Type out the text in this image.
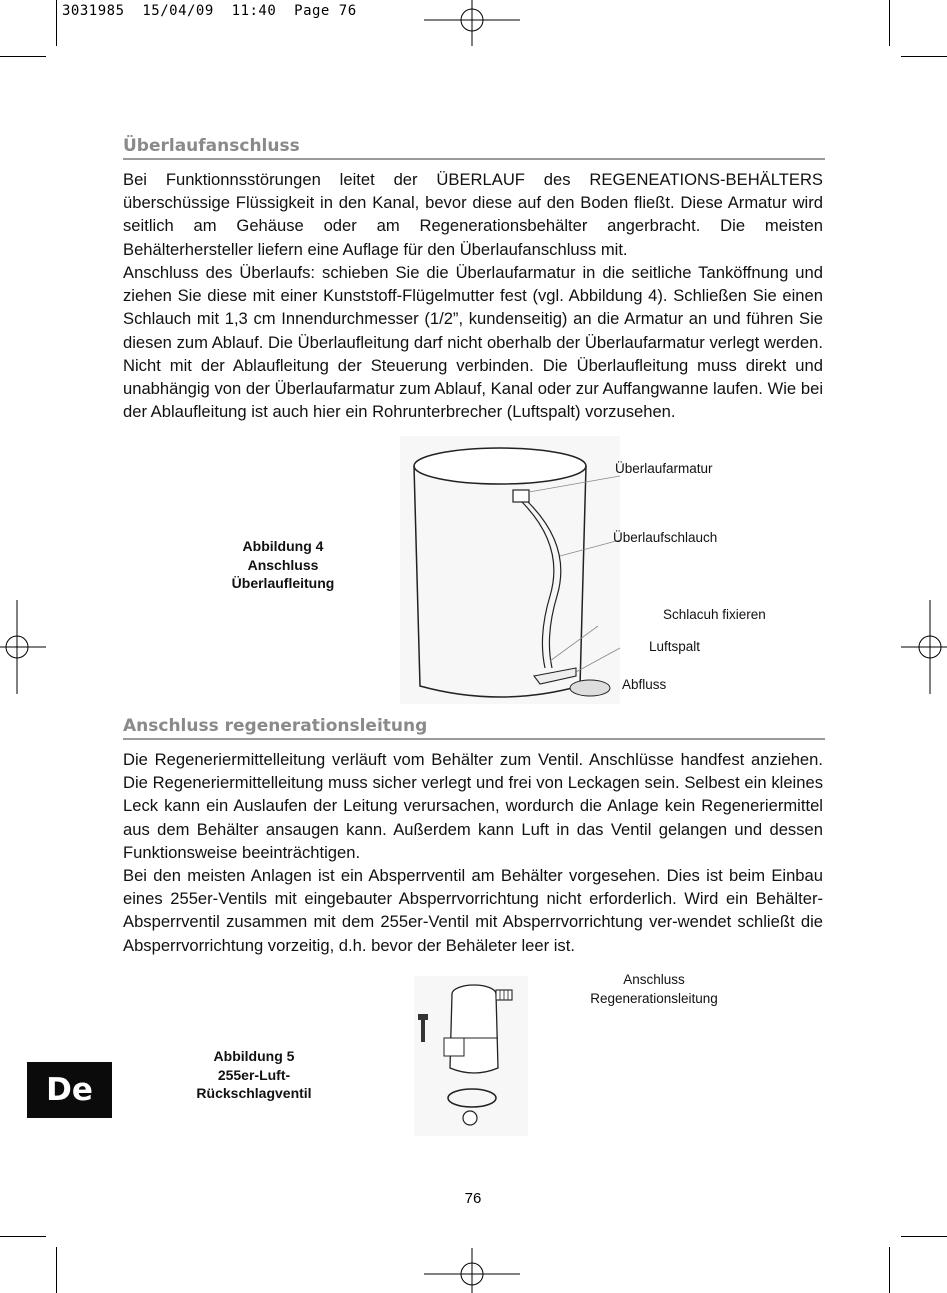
3031985  15/04/09  11:40  Page 76
Überlaufanschluss

Bei Funktionnsstörungen leitet der ÜBERLAUF des REGENEATIONS-BEHÄLTERS überschüssige Flüssigkeit in den Kanal, bevor diese auf den Boden fließt. Diese Armatur wird seitlich am Gehäuse oder am Regenerationsbehälter angerbracht. Die meisten Behälterhersteller liefern eine Auflage für den Überlaufanschluss mit.

Anschluss des Überlaufs: schieben Sie die Überlaufarmatur in die seitliche Tanköffnung und ziehen Sie diese mit einer Kunststoff-Flügelmutter fest (vgl. Abbildung 4). Schließen Sie einen Schlauch mit 1,3 cm Innendurchmesser (1/2”, kundenseitig) an die Armatur an und führen Sie diesen zum Ablauf. Die Überlaufleitung darf nicht oberhalb der Überlaufarmatur verlegt werden. Nicht mit der Ablaufleitung der Steuerung verbinden. Die Überlaufleitung muss direkt und unabhängig von der Überlaufarmatur zum Ablauf, Kanal oder zur Auffangwanne laufen. Wie bei der Ablaufleitung ist auch hier ein Rohrunterbrecher (Luftspalt) vorzusehen.

Abbildung 4
Anschluss
Überlaufleitung
Überlaufarmatur
Überlaufschlauch
Schlacuh fixieren
Luftspalt
Abfluss
Anschluss regenerationsleitung

Die Regeneriermittelleitung verläuft vom Behälter zum Ventil. Anschlüsse handfest anziehen. Die Regeneriermittelleitung muss sicher verlegt und frei von Leckagen sein. Selbest ein kleines Leck kann ein Auslaufen der Leitung verursachen, wordurch die Anlage kein Regeneriermittel aus dem Behälter ansaugen kann. Außerdem kann Luft in das Ventil gelangen und dessen Funktionsweise beeinträchtigen.

Bei den meisten Anlagen ist ein Absperrventil am Behälter vorgesehen. Dies ist beim Einbau eines 255er-Ventils mit eingebauter Absperrvorrichtung nicht erforderlich. Wird ein Behälter-Absperrventil zusammen mit dem 255er-Ventil mit Absperrvorrichtung ver-wendet schließt die Absperrvorrichtung vorzeitig, d.h. bevor der Behäleter leer ist.

Abbildung 5
255er-Luft-
Rückschlagventil
Anschluss
Regenerationsleitung
De
76
